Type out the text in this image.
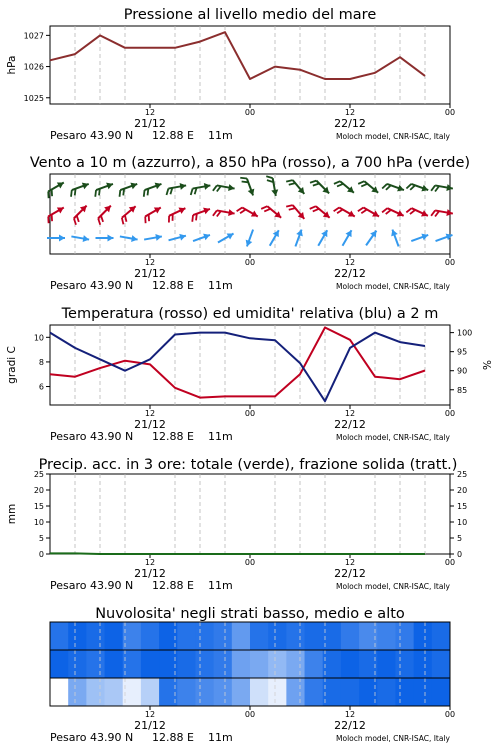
Pressione al livello medio del mare
hPa
1025
1026
1027
12	00	12	00
21/12	22/12
Pesaro 43.90 N 12.88 E 11m	Moloch model, CNR-ISAC, Italy
Vento a 10 m (azzurro), a 850 hPa (rosso), a 700 hPa (verde)
12	00	12	00
21/12	22/12
Pesaro 43.90 N 12.88 E 11m	Moloch model, CNR-ISAC, Italy
Temperatura (rosso) ed umidita' relativa (blu) a 2 m
gradi C	%
6
8
10
85
90
95
100
12	00	12	00
21/12	22/12
Pesaro 43.90 N 12.88 E 11m	Moloch model, CNR-ISAC, Italy
Precip. acc. in 3 ore: totale (verde), frazione solida (tratt.)
mm
0
5
10
15
20
25
0
5
10
15
20
25
12	00	12	00
21/12	22/12
Pesaro 43.90 N 12.88 E 11m	Moloch model, CNR-ISAC, Italy
Nuvolosita' negli strati basso, medio e alto
12	00	12	00
21/12	22/12
Pesaro 43.90 N 12.88 E 11m	Moloch model, CNR-ISAC, Italy
